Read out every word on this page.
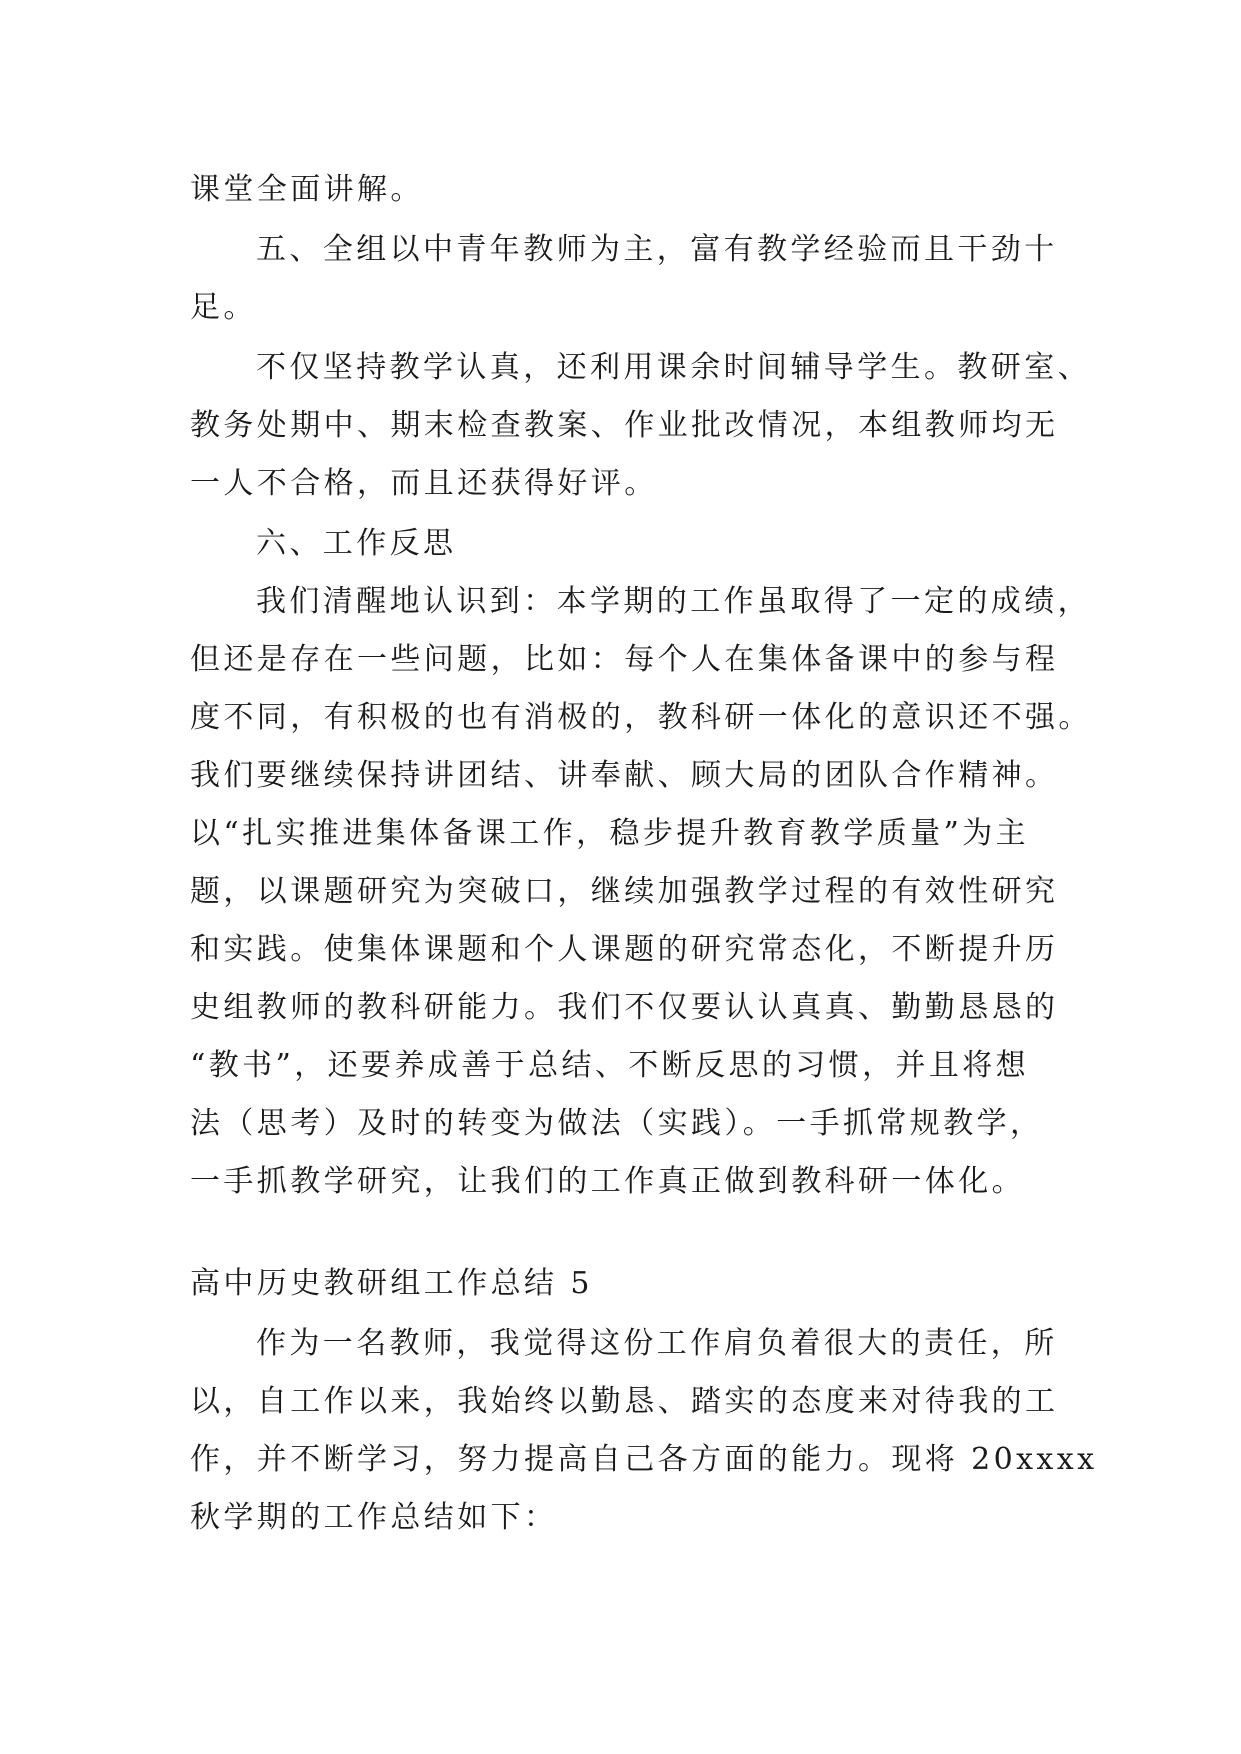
课堂全面讲解。
五、全组以中青年教师为主，富有教学经验而且干劲十
足。
不仅坚持教学认真，还利用课余时间辅导学生。教研室、
教务处期中、期末检查教案、作业批改情况，本组教师均无
一人不合格，而且还获得好评。
六、工作反思
我们清醒地认识到：本学期的工作虽取得了一定的成绩，
但还是存在一些问题，比如：每个人在集体备课中的参与程
度不同，有积极的也有消极的，教科研一体化的意识还不强。
我们要继续保持讲团结、讲奉献、顾大局的团队合作精神。
以“扎实推进集体备课工作，稳步提升教育教学质量”为主
题，以课题研究为突破口，继续加强教学过程的有效性研究
和实践。使集体课题和个人课题的研究常态化，不断提升历
史组教师的教科研能力。我们不仅要认认真真、勤勤恳恳的
“教书”，还要养成善于总结、不断反思的习惯，并且将想
法（思考）及时的转变为做法（实践）。一手抓常规教学，
一手抓教学研究，让我们的工作真正做到教科研一体化。
高中历史教研组工作总结 5
作为一名教师，我觉得这份工作肩负着很大的责任，所
以，自工作以来，我始终以勤恳、踏实的态度来对待我的工
作，并不断学习，努力提高自己各方面的能力。现将 20xxxx
秋学期的工作总结如下：
